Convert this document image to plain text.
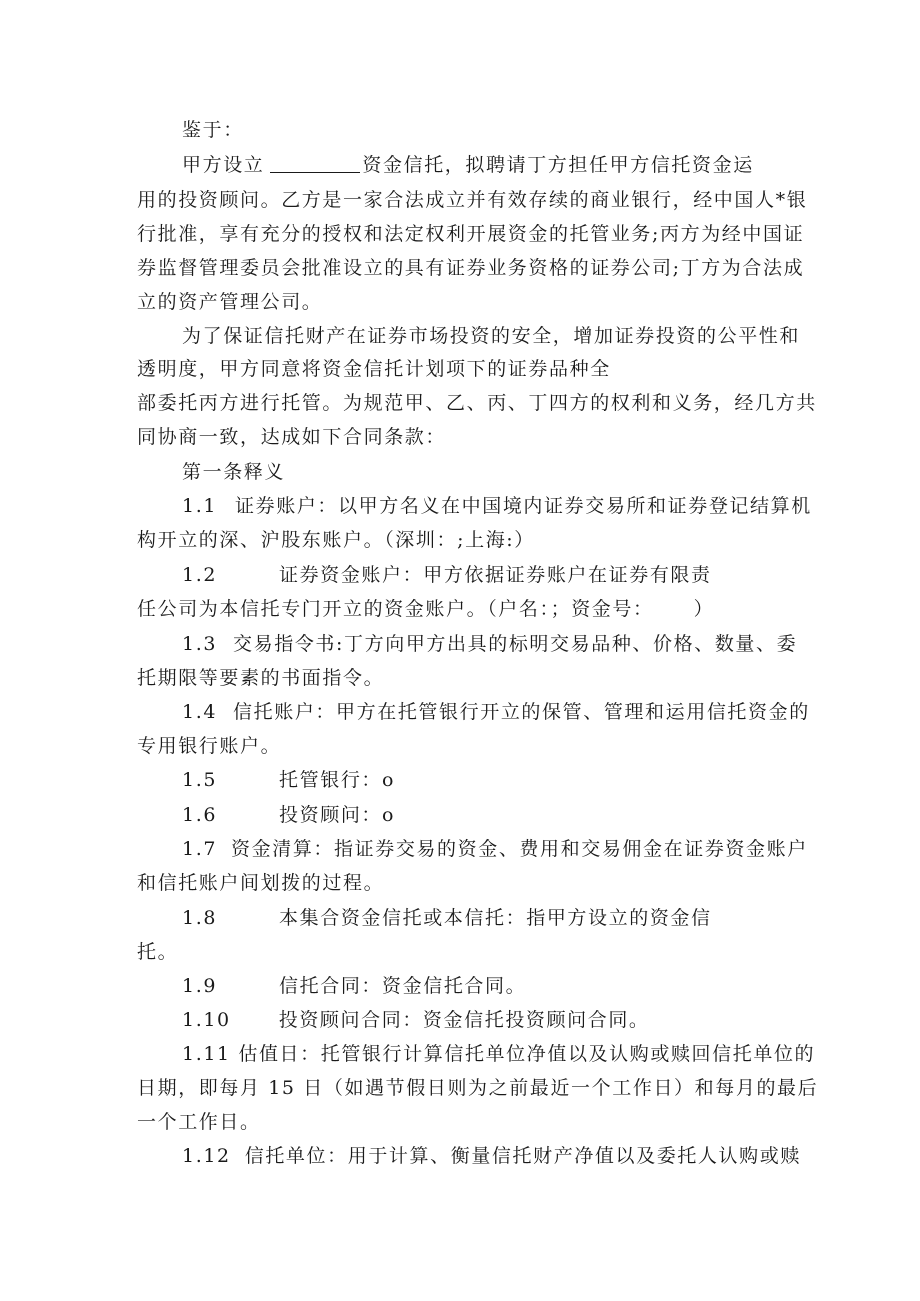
鉴于：
甲方设立	资金信托，拟聘请丁方担任甲方信托资金运
用的投资顾问。乙方是一家合法成立并有效存续的商业银行，经中国人*银
行批准，享有充分的授权和法定权利开展资金的托管业务;丙方为经中国证
券监督管理委员会批准设立的具有证券业务资格的证券公司;丁方为合法成
立的资产管理公司。
为了保证信托财产在证券市场投资的安全，增加证券投资的公平性和
透明度，甲方同意将资金信托计划项下的证券品种全
部委托丙方进行托管。为规范甲、乙、丙、丁四方的权利和义务，经几方共
同协商一致，达成如下合同条款：
第一条释义
1.1 证券账户：以甲方名义在中国境内证券交易所和证券登记结算机
构开立的深、沪股东账户。（深圳：;上海:）
1.2	证券资金账户：甲方依据证券账户在证券有限责
任公司为本信托专门开立的资金账户。（户名：；资金号： ）
1.3 交易指令书:丁方向甲方出具的标明交易品种、价格、数量、委
托期限等要素的书面指令。
1.4 信托账户：甲方在托管银行开立的保管、管理和运用信托资金的
专用银行账户。
1.5	托管银行：o
1.6	投资顾问：o
1.7 资金清算：指证券交易的资金、费用和交易佣金在证券资金账户
和信托账户间划拨的过程。
1.8	本集合资金信托或本信托：指甲方设立的资金信
托。
1.9	信托合同：资金信托合同。
1.10	投资顾问合同：资金信托投资顾问合同。
1.11 估值日：托管银行计算信托单位净值以及认购或赎回信托单位的
日期，即每月 15 日（如遇节假日则为之前最近一个工作日）和每月的最后
一个工作日。
1.12 信托单位：用于计算、衡量信托财产净值以及委托人认购或赎
